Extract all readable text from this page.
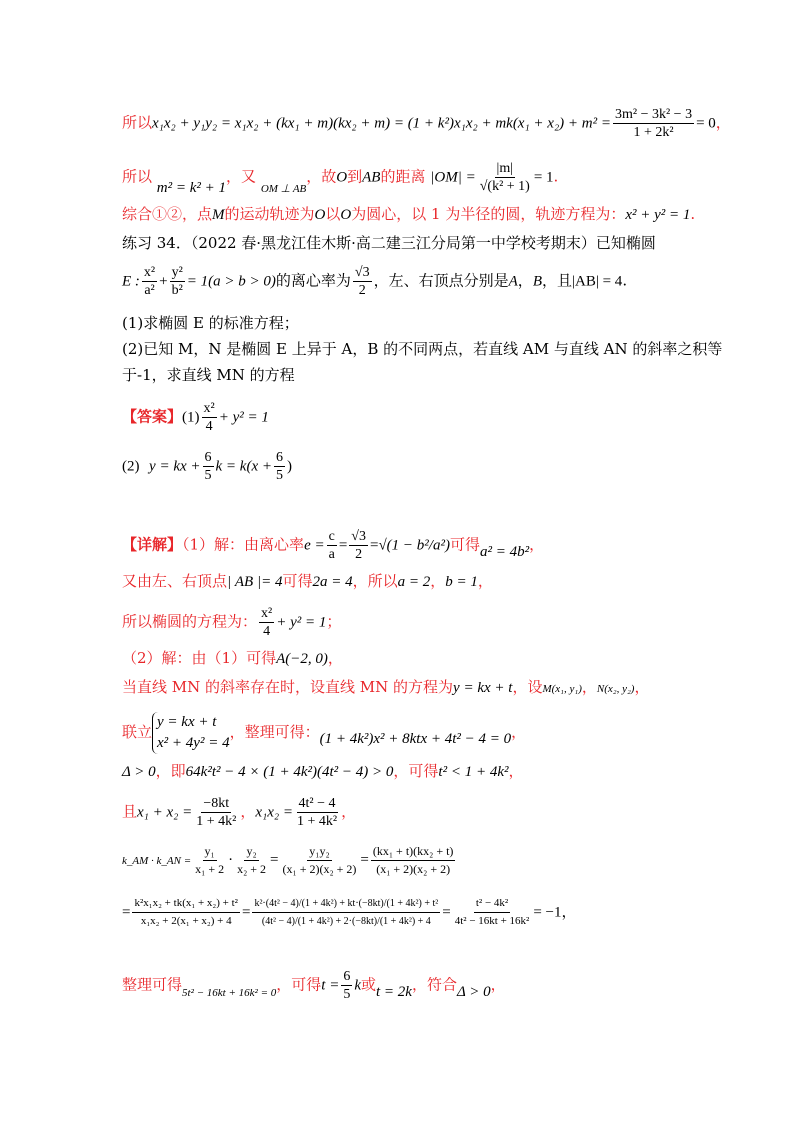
所以$x_1x_2 + y_1y_2 = x_1x_2 + (kx_1 + m)(kx_2 + m) = (1 + k^2)x_1x_2 + mk(x_1 + x_2) + m^2 = \frac{\text{3m² − 3k² − 3}}{\text{1 + 2k²}} = 0$，
所以 m² = k² + 1，又 $_{OM \perp AB}$，故O到AB的距离 $|OM| = \frac{|m|}{\text{√(k² + 1)}} = 1$.
综合①②，点M的运动轨迹为O以O为圆心，以 1 为半径的圆，轨迹方程为：x² + y² = 1.
练习 34．（2022 春·黑龙江佳木斯·高二建三江分局第一中学校考期末）已知椭圆
E : $\frac{\text{x²}}{\text{a²}} + \frac{\text{y²}}{\text{b²}} = 1(a > b > 0)$的离心率为 $\frac{√3}{2}$ ，左、右顶点分别是A，B，且|AB| = 4.
(1)求椭圆 E 的标准方程；
(2)已知 M，N 是椭圆 E 上异于 A，B 的不同两点，若直线 AM 与直线 AN 的斜率之积等
于-1，求直线 MN 的方程
【答案】$(1) \frac{\text{x²}}{4} + y^2 = 1$
(2) y = kx + $\frac{6}{5}$ $k = k(x + \frac{6}{5}$ )
【详解】（1）解：由离心率$e = \frac{c}{a} = \frac{√3}{2} =√(1 - b^2/a^2)$可得a² = 4b²，
又由左、右顶点| AB |= 4可得2a = 4，所以a = 2，b = 1，
所以椭圆的方程为： $\frac{\text{x²}}{4} + y^2 = 1$；
（2）解：由（1）可得A(−2, 0)，
当直线 MN 的斜率存在时，设直线 MN 的方程为y = kx + t，设M(x₁, y₁)，N(x₂, y₂)，
联立
y = kx + t
x² + 4y² = 4
，整理可得：(1 + 4k²)x² + 8ktx + 4t² − 4 = 0，
Δ > 0，即64k²t² − 4 × (1 + 4k²)(4t² − 4) > 0，可得t² < 1 + 4k²，
且$x_1 + x_2 = \frac{-8kt}{\text{1 + 4k²}}$ ，$x_1x_2 = \frac{\text{4t² − 4}}{\text{1 + 4k²}}$ ，
k_AM · k_AN = $\frac{\text{y₁}}{\text{x₁ + 2}} \cdot \frac{\text{y₂}}{\text{x₂ + 2}} = \frac{\text{y₁y₂}}{\text{(x₁ + 2)(x₂ + 2)}} = \frac{\text{(kx₁ + t)(kx₂ + t)}}{\text{(x₁ + 2)(x₂ + 2)}}$
= $\frac{\text{k²x₁x₂ + tk(x₁ + x₂) + t²}}{\text{x₁x₂ + 2(x₁ + x₂) + 4}} = \frac{\text{k²·(4t² − 4)/(1 + 4k²) + kt·(−8kt)/(1 + 4k²) + t²}}{\text{(4t² − 4)/(1 + 4k²) + 2·(−8kt)/(1 + 4k²) + 4}} = \frac{\text{t² − 4k²}}{\text{4t² − 16kt + 16k²}} = -1$，
整理可得$_{5t^2 - 16kt + 16k^2 = 0}$，可得$t = \frac{6}{5}$ k或t = 2k，符合Δ > 0，
